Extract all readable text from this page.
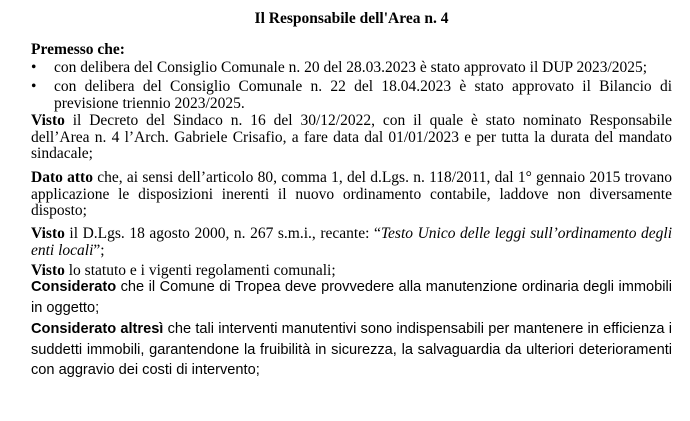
Il Responsabile dell'Area n. 4
Premesso che:
•	con delibera del Consiglio Comunale n. 20 del 28.03.2023 è stato approvato il DUP 2023/2025;
•	con delibera del Consiglio Comunale n. 22 del 18.04.2023 è stato approvato il Bilancio di previsione triennio 2023/2025.
Visto il Decreto del Sindaco n. 16 del 30/12/2022, con il quale è stato nominato Responsabile dell’Area n. 4 l’Arch. Gabriele Crisafio, a fare data dal 01/01/2023 e per tutta la durata del mandato sindacale;
Dato atto che, ai sensi dell’articolo 80, comma 1, del d.Lgs. n. 118/2011, dal 1° gennaio 2015 trovano applicazione le disposizioni inerenti il nuovo ordinamento contabile, laddove non diversamente disposto;
Visto il D.Lgs. 18 agosto 2000, n. 267 s.m.i., recante: “Testo Unico delle leggi sull’ordinamento degli enti locali”;
Visto lo statuto e i vigenti regolamenti comunali;
Considerato che il Comune di Tropea deve provvedere alla manutenzione ordinaria degli immobili in oggetto;
Considerato altresì che tali interventi manutentivi sono indispensabili per mantenere in efficienza i suddetti immobili, garantendone la fruibilità in sicurezza, la salvaguardia da ulteriori deterioramenti con aggravio dei costi di intervento;
